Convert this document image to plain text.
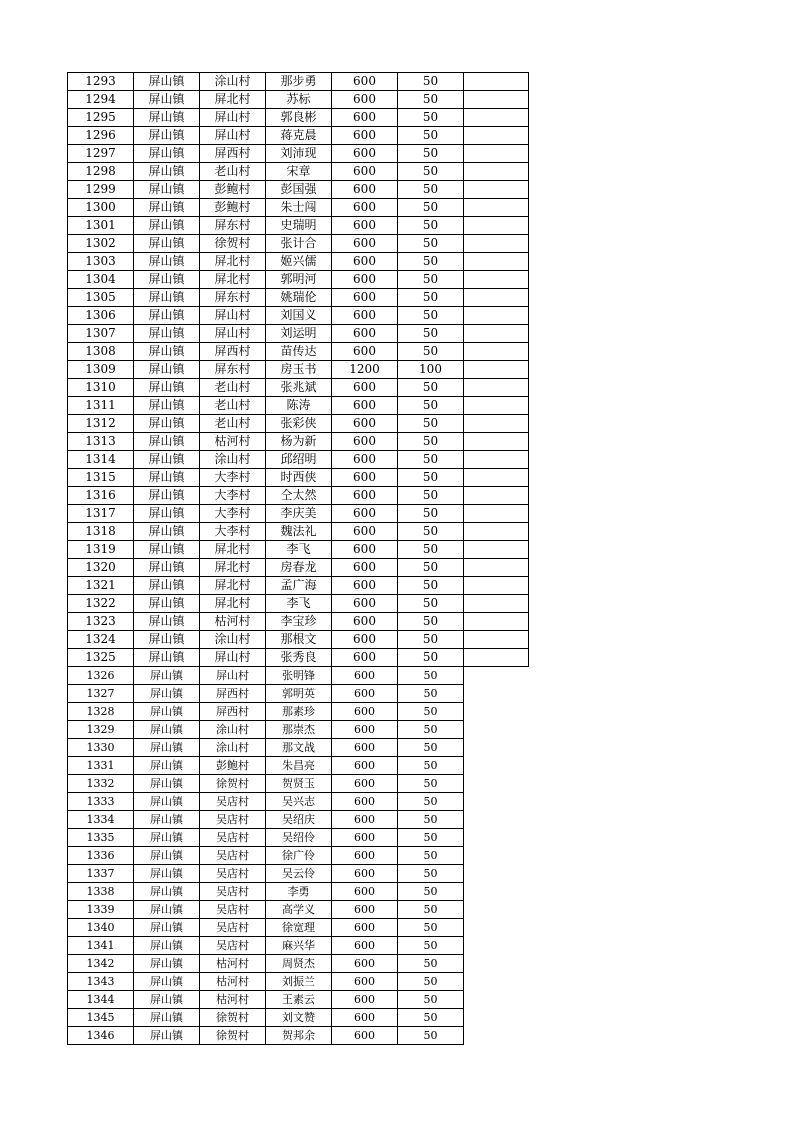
1293	屏山镇	涂山村	那步勇	600	50	
1294	屏山镇	屏北村	苏标	600	50	
1295	屏山镇	屏山村	郭良彬	600	50	
1296	屏山镇	屏山村	蒋克晨	600	50	
1297	屏山镇	屏西村	刘沛现	600	50	
1298	屏山镇	老山村	宋章	600	50	
1299	屏山镇	彭鲍村	彭国强	600	50	
1300	屏山镇	彭鲍村	朱士闯	600	50	
1301	屏山镇	屏东村	史瑞明	600	50	
1302	屏山镇	徐贺村	张计合	600	50	
1303	屏山镇	屏北村	姬兴儒	600	50	
1304	屏山镇	屏北村	郭明河	600	50	
1305	屏山镇	屏东村	姚瑞伦	600	50	
1306	屏山镇	屏山村	刘国义	600	50	
1307	屏山镇	屏山村	刘运明	600	50	
1308	屏山镇	屏西村	苗传达	600	50	
1309	屏山镇	屏东村	房玉书	1200	100	
1310	屏山镇	老山村	张兆斌	600	50	
1311	屏山镇	老山村	陈涛	600	50	
1312	屏山镇	老山村	张彩侠	600	50	
1313	屏山镇	枯河村	杨为新	600	50	
1314	屏山镇	涂山村	邱绍明	600	50	
1315	屏山镇	大李村	时西侠	600	50	
1316	屏山镇	大李村	仝太然	600	50	
1317	屏山镇	大李村	李庆美	600	50	
1318	屏山镇	大李村	魏法礼	600	50	
1319	屏山镇	屏北村	李飞	600	50	
1320	屏山镇	屏北村	房春龙	600	50	
1321	屏山镇	屏北村	孟广海	600	50	
1322	屏山镇	屏北村	李飞	600	50	
1323	屏山镇	枯河村	李宝珍	600	50	
1324	屏山镇	涂山村	那根文	600	50	
1325	屏山镇	屏山村	张秀良	600	50	
1326	屏山镇	屏山村	张明锋	600	50	
1327	屏山镇	屏西村	郭明英	600	50	
1328	屏山镇	屏西村	那素珍	600	50	
1329	屏山镇	涂山村	那崇杰	600	50	
1330	屏山镇	涂山村	那文战	600	50	
1331	屏山镇	彭鲍村	朱昌亮	600	50	
1332	屏山镇	徐贺村	贺贤玉	600	50	
1333	屏山镇	吴店村	吴兴志	600	50	
1334	屏山镇	吴店村	吴绍庆	600	50	
1335	屏山镇	吴店村	吴绍伶	600	50	
1336	屏山镇	吴店村	徐广伶	600	50	
1337	屏山镇	吴店村	吴云伶	600	50	
1338	屏山镇	吴店村	李勇	600	50	
1339	屏山镇	吴店村	高学义	600	50	
1340	屏山镇	吴店村	徐宽理	600	50	
1341	屏山镇	吴店村	麻兴华	600	50	
1342	屏山镇	枯河村	周贤杰	600	50	
1343	屏山镇	枯河村	刘振兰	600	50	
1344	屏山镇	枯河村	王素云	600	50	
1345	屏山镇	徐贺村	刘文赞	600	50	
1346	屏山镇	徐贺村	贺邦余	600	50	
